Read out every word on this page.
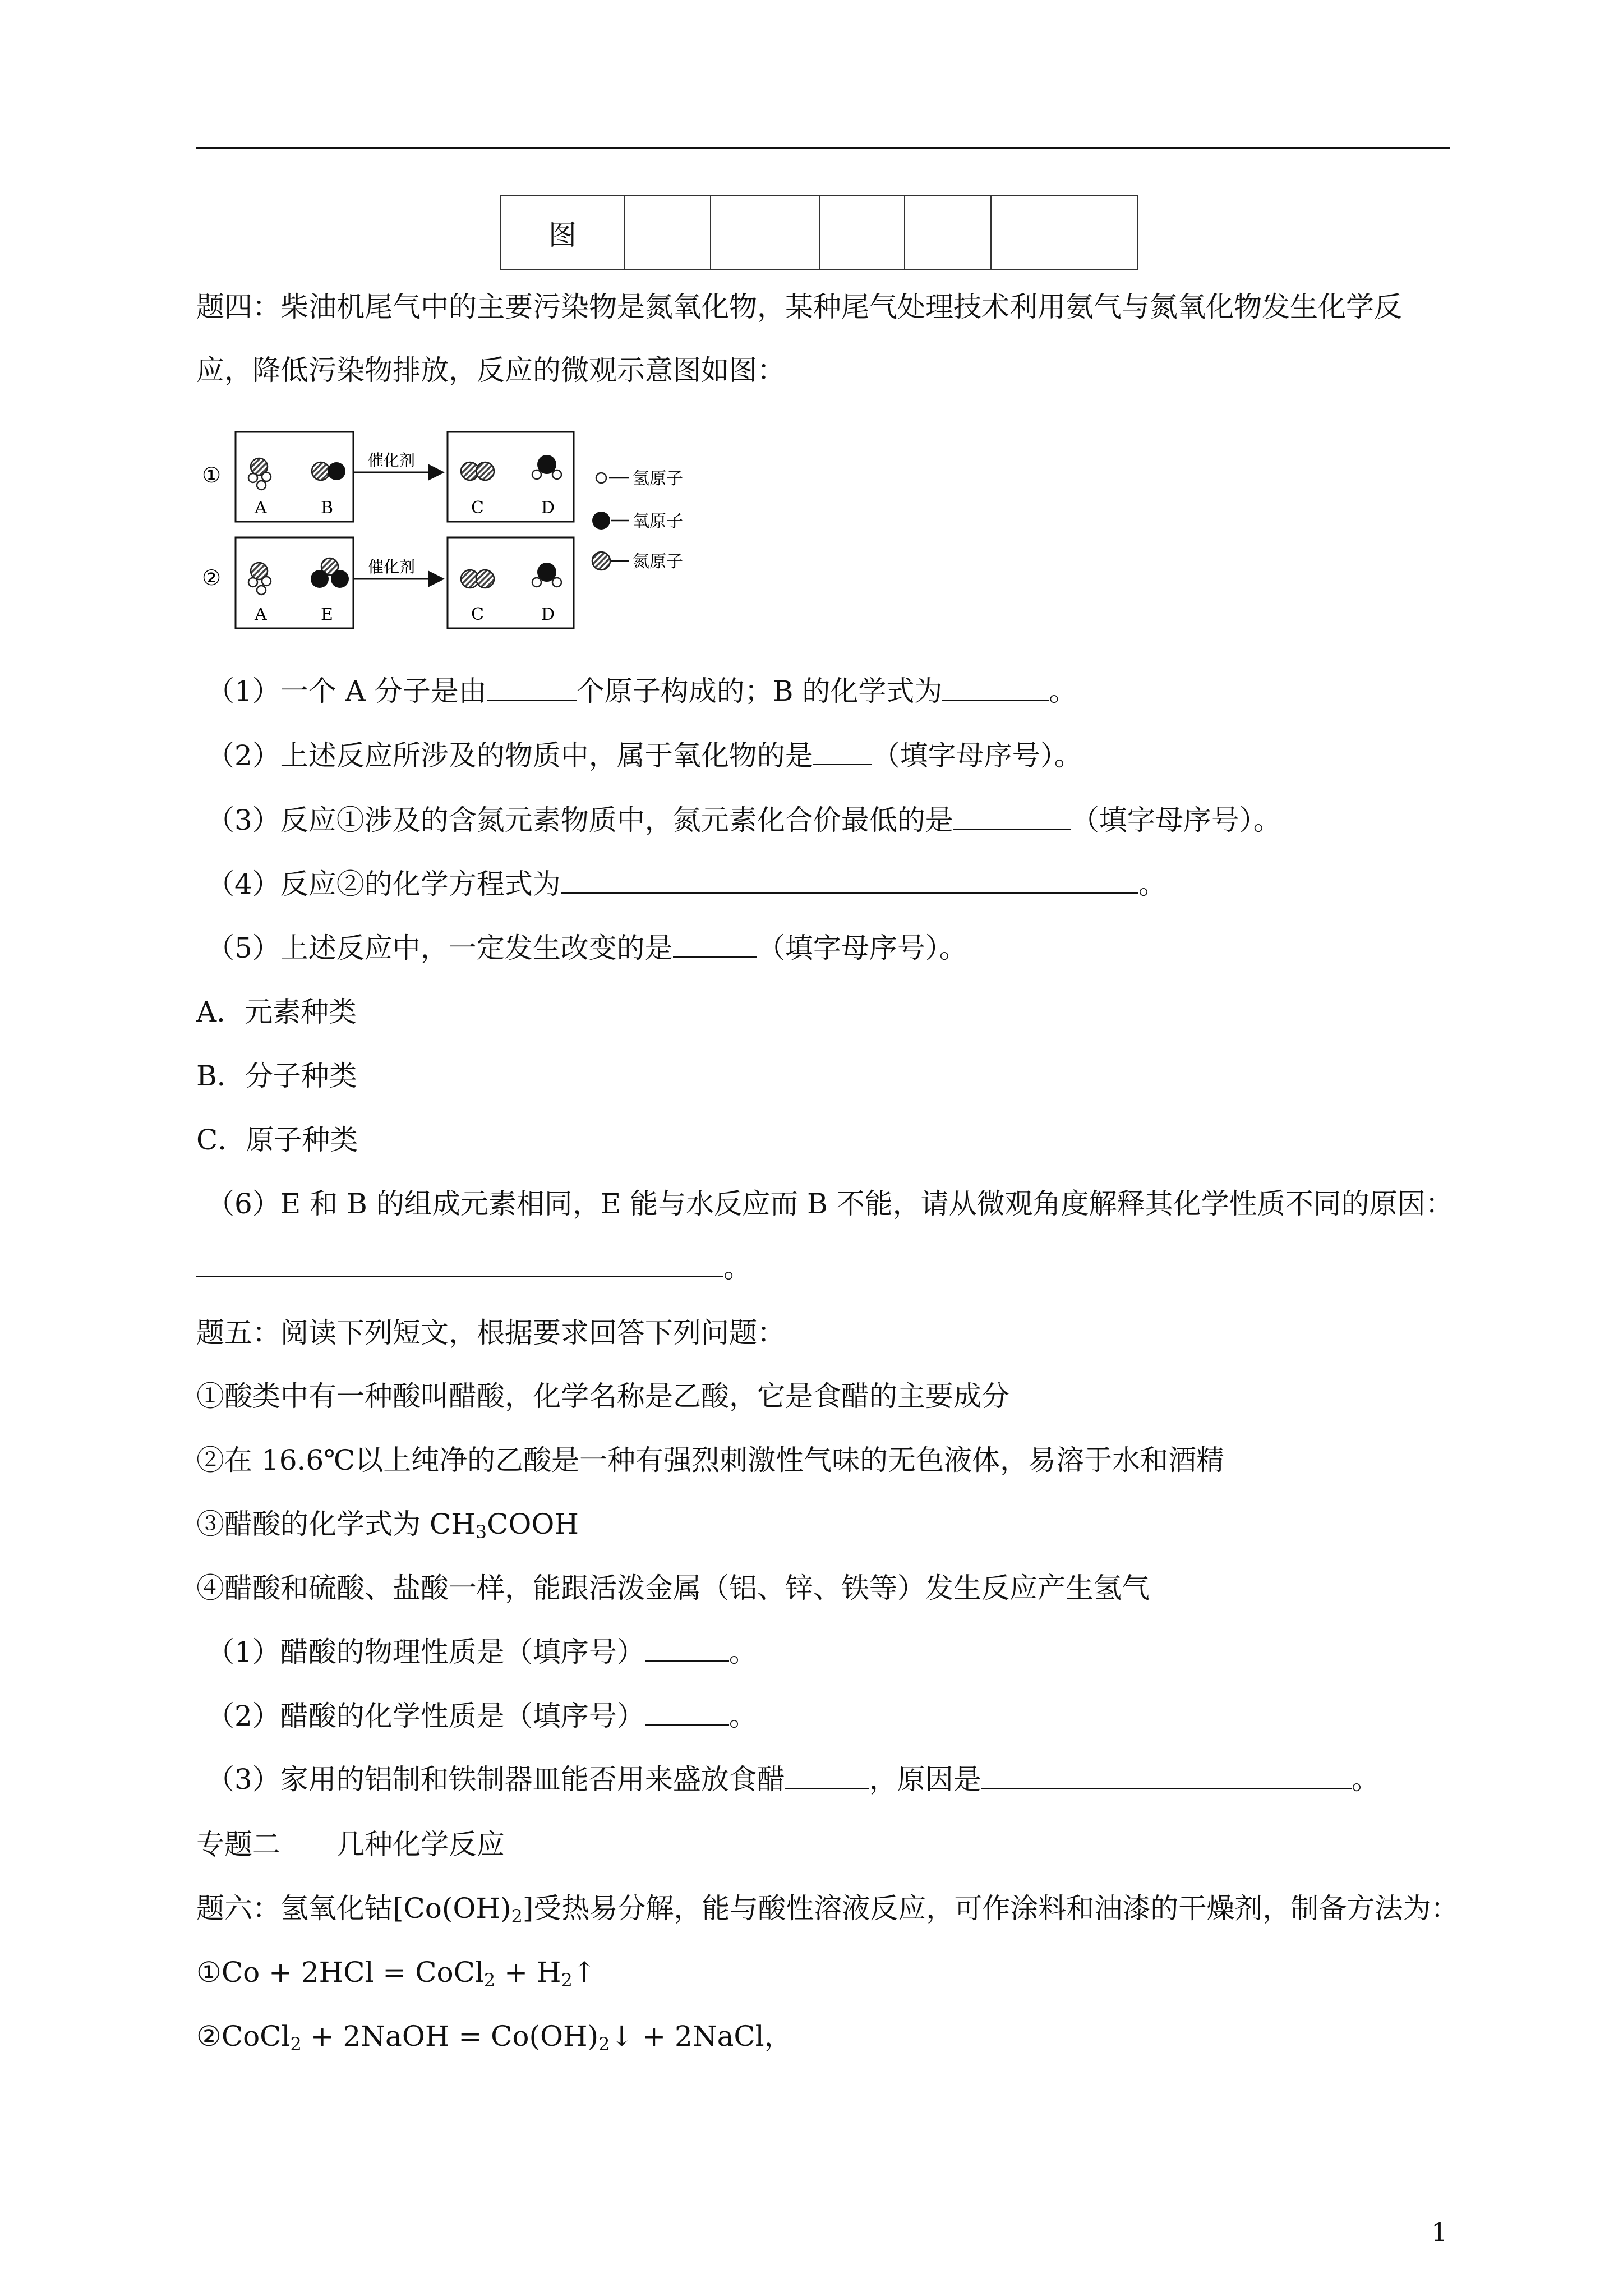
图					
题四：柴油机尾气中的主要污染物是氮氧化物，某种尾气处理技术利用氨气与氮氧化物发生化学反
应，降低污染物排放，反应的微观示意图如图：
①
②
A	B
催化剂
C	D
A	E
催化剂
C	D
氢原子
氧原子
氮原子
（1）一个 A 分子是由	个原子构成的；B 的化学式为	。
（2）上述反应所涉及的物质中，属于氧化物的是 （填字母序号）。
（3）反应①涉及的含氮元素物质中，氮元素化合价最低的是	（填字母序号）。
（4）反应②的化学方程式为	。
（5）上述反应中，一定发生改变的是	（填字母序号）。
A．元素种类
B．分子种类
C．原子种类
（6）E 和 B 的组成元素相同，E 能与水反应而 B 不能，请从微观角度解释其化学性质不同的原因：
。
题五：阅读下列短文，根据要求回答下列问题：
①酸类中有一种酸叫醋酸，化学名称是乙酸，它是食醋的主要成分
②在 16.6℃以上纯净的乙酸是一种有强烈刺激性气味的无色液体，易溶于水和酒精
③醋酸的化学式为 $CH_3COOH$
④醋酸和硫酸、盐酸一样，能跟活泼金属（铝、锌、铁等）发生反应产生氢气
（1）醋酸的物理性质是（填序号）	。
（2）醋酸的化学性质是（填序号）	。
（3）家用的铝制和铁制器皿能否用来盛放食醋	，原因是	。
专题二　　几种化学反应
题六：氢氧化钴$[Co(OH)_2]$受热易分解，能与酸性溶液反应，可作涂料和油漆的干燥剂，制备方法为：
①Co + 2HCl = CoCl$_2$ + $H_2↑$
②CoCl$_2$ + 2NaOH = $Co(OH)_2↓$ + 2NaCl，
1
